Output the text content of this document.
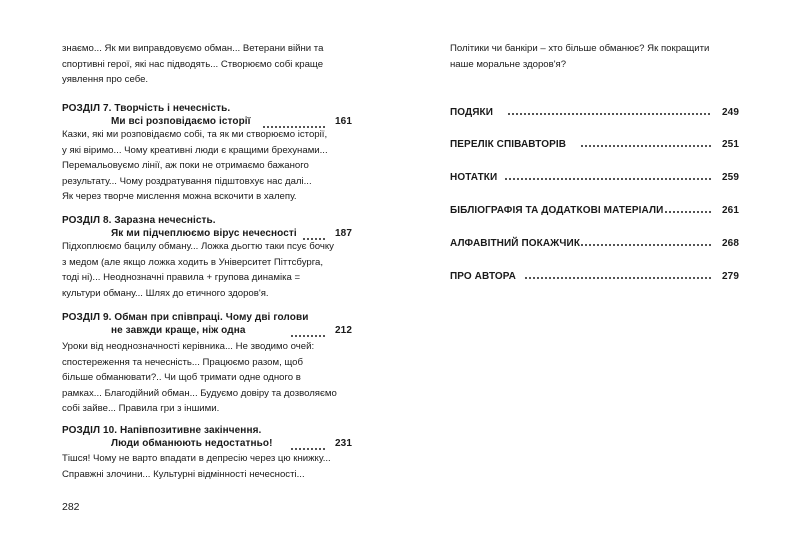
знаємо... Як ми виправдовуємо обман... Ветерани війни та
спортивні герої, які нас підводять... Створюємо собі краще
уявлення про себе.
РОЗДІЛ 7. Творчість і нечесність.
Ми всі розповідаємо історії	161
Казки, які ми розповідаємо собі, та як ми створюємо історії,
у які віримо... Чому креативні люди є кращими брехунами...
Перемальовуємо лінії, аж поки не отримаємо бажаного
результату... Чому роздратування підштовхує нас далі...
Як через творче мислення можна вскочити в халепу.
РОЗДІЛ 8. Заразна нечесність.
Як ми підчеплюємо вірус нечесності	187
Підхоплюємо бацилу обману... Ложка дьогтю таки псує бочку
з медом (але якщо ложка ходить в Університет Піттсбурга,
тоді ні)... Неоднозначні правила + групова динаміка =
культури обману... Шлях до етичного здоров'я.
РОЗДІЛ 9. Обман при співпраці. Чому дві голови
не завжди краще, ніж одна	212
Уроки від неоднозначності керівника... Не зводимо очей:
спостереження та нечесність... Працюємо разом, щоб
більше обманювати?.. Чи щоб тримати одне одного в
рамках... Благодійний обман... Будуємо довіру та дозволяємо
собі зайве... Правила гри з іншими.
РОЗДІЛ 10. Напівпозитивне закінчення.
Люди обманюють недостатньо!	231
Тішся! Чому не варто впадати в депресію через цю книжку...
Справжні злочини... Культурні відмінності нечесності...
282
Політики чи банкіри – хто більше обманює? Як покращити
наше моральне здоров'я?
ПОДЯКИ	249
ПЕРЕЛІК СПІВАВТОРІВ	251
НОТАТКИ	259
БІБЛІОГРАФІЯ ТА ДОДАТКОВІ МАТЕРІАЛИ	261
АЛФАВІТНИЙ ПОКАЖЧИК	268
ПРО АВТОРА	279
